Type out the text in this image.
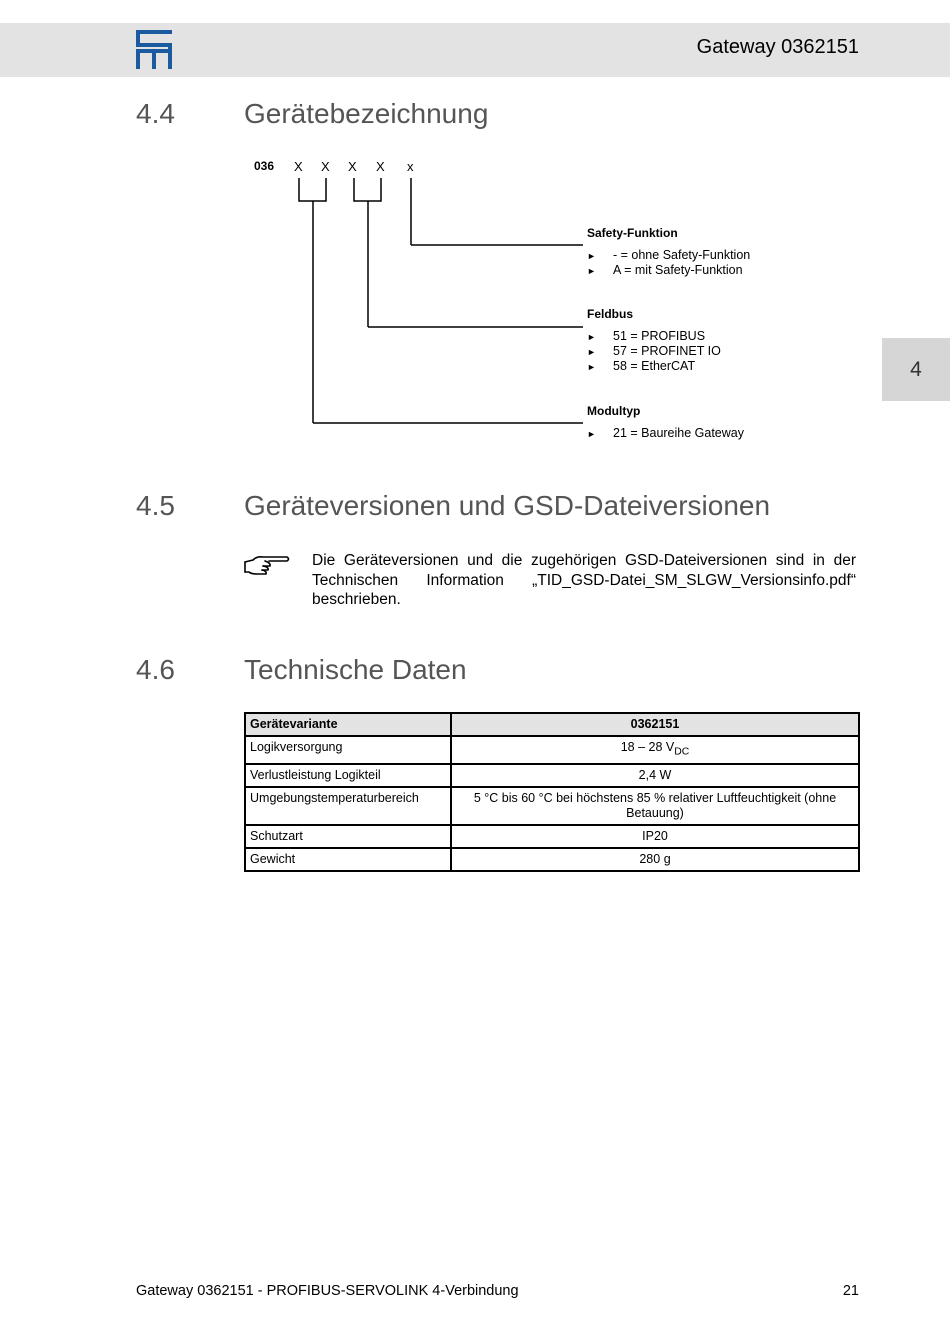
Gateway 0362151
4
4.4 Gerätebezeichnung
036 X X X X x
Safety-Funktion
► - = ohne Safety-Funktion
► A = mit Safety-Funktion
Feldbus
► 51 = PROFIBUS
► 57 = PROFINET IO
► 58 = EtherCAT
Modultyp
► 21 = Baureihe Gateway
4.5 Geräteversionen und GSD-Dateiversionen
Die Geräteversionen und die zugehörigen GSD-Dateiversionen sind in der Technischen Information „TID_GSD-Datei_SM_SLGW_Versionsinfo.pdf“ beschrieben.
4.6 Technische Daten
Gerätevariante	0362151
Logikversorgung	18 – 28 $V_{DC}$
Verlustleistung Logikteil	2,4 W
Umgebungstemperaturbereich	5 °C bis 60 °C bei höchstens 85 % relativer Luftfeuchtigkeit (ohne Betauung)
Schutzart	IP20
Gewicht	280 g
Gateway 0362151 - PROFIBUS-SERVOLINK 4-Verbindung	21
